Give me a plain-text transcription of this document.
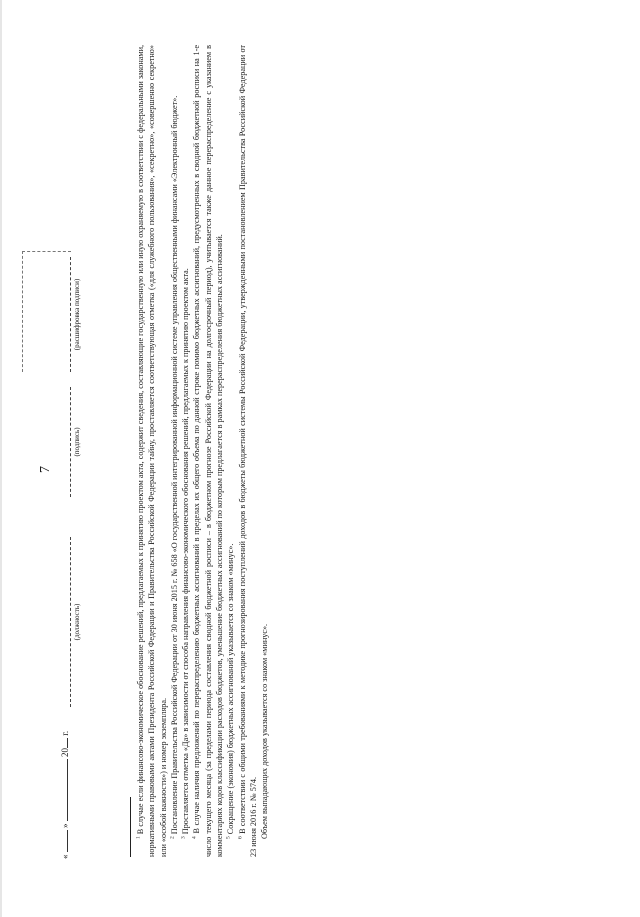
7
«  »  20 г.
(должность)
(подпись)
(расшифровка подписи)

$^1$ В случае если финансово-экономическое обоснование решений, предлагаемых к принятию проектом акта, содержит сведения, составляющие государственную или иную охраняемую в соответствии с федеральными законами, нормативными правовыми актами Президента Российской Федерации и Правительства Российской Федерации тайну, проставляется соответствующая отметка («для служебного пользования», «секретно», «совершенно секретно» или «особой важности») и номер экземпляра. $^2$ Постановление Правительства Российской Федерации от 30 июня 2015 г. № 658 «О государственной интегрированной информационной системе управления общественными финансами «Электронный бюджет».

$^3$ Проставляется отметка «Да» в зависимости от способа направления финансово-экономического обоснования решений, предлагаемых к принятию проектом акта.

$^4$ В случае наличия предложений по перераспределению бюджетных ассигнований в пределах их общего объема по данной строке помимо бюджетных ассигнований, предусмотренных в сводной бюджетной росписи на 1-е число текущего месяца (за пределами периода составления сводной бюджетной росписи – в бюджетном прогнозе Российской Федерации на долгосрочный период), учитывается также данное перераспределение с указанием в комментариях кодов классификации расходов бюджетов, уменьшение бюджетных ассигнований по которым предлагается в рамках перераспределения бюджетных ассигнований. $^5$ Сокращение (экономия) бюджетных ассигнований указывается со знаком «минус».

$^6$ В соответствии с общими требованиями к методике прогнозирования поступлений доходов в бюджеты бюджетной системы Российской Федерации, утвержденными постановлением Правительства Российской Федерации от 23 июня 2016 г. № 574. Объем выпадающих доходов указывается со знаком «минус».
